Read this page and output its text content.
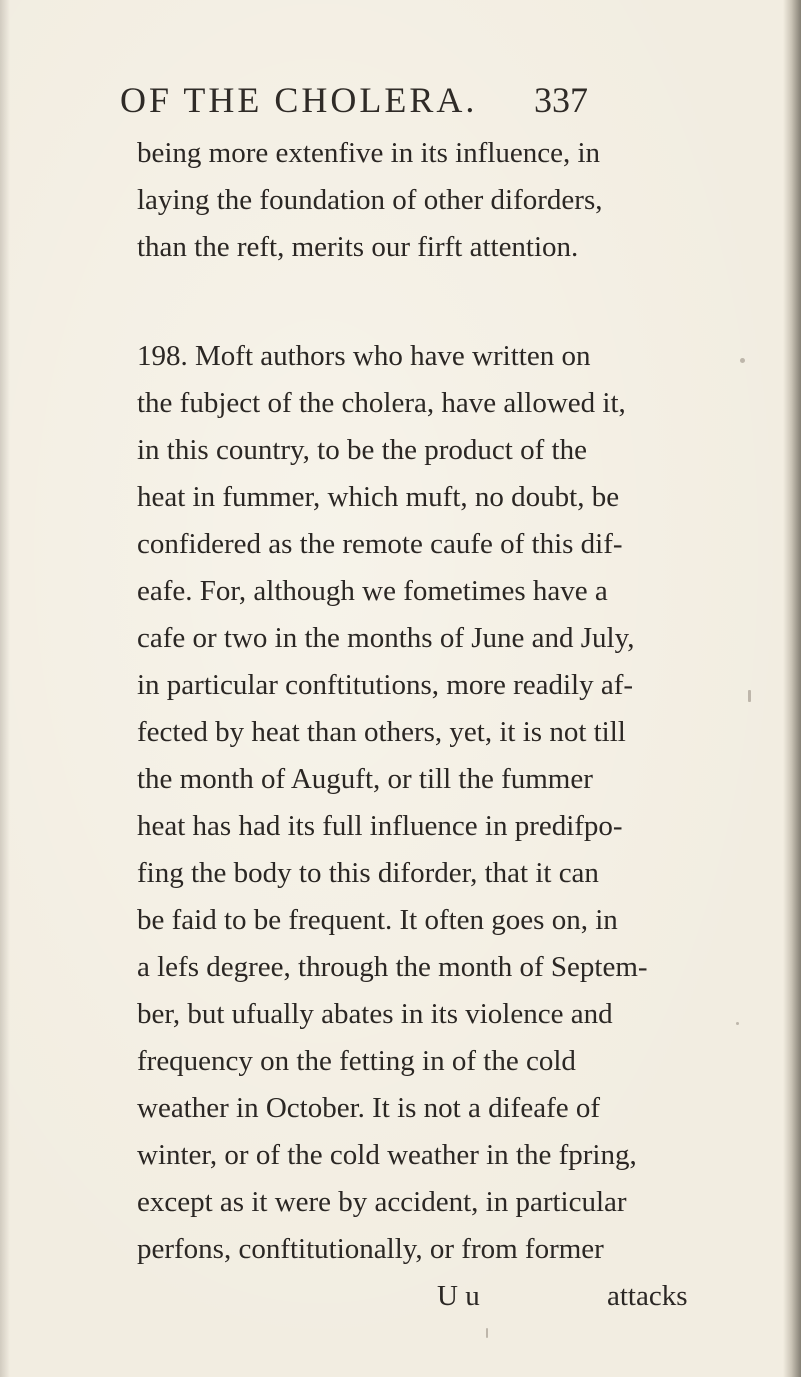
OF THE CHOLERA. 337
being more extenfive in its influence, in
laying the foundation of other diforders,
than the reft, merits our firft attention.
198. Moft authors who have written on
the fubject of the cholera, have allowed it,
in this country, to be the product of the
heat in fummer, which muft, no doubt, be
confidered as the remote caufe of this dif-
eafe. For, although we fometimes have a
cafe or two in the months of June and July,
in particular conftitutions, more readily af-
fected by heat than others, yet, it is not till
the month of Auguft, or till the fummer
heat has had its full influence in predifpo-
fing the body to this diforder, that it can
be faid to be frequent. It often goes on, in
a lefs degree, through the month of Septem-
ber, but ufually abates in its violence and
frequency on the fetting in of the cold
weather in October. It is not a difeafe of
winter, or of the cold weather in the fpring,
except as it were by accident, in particular
perfons, conftitutionally, or from former
U u	attacks
